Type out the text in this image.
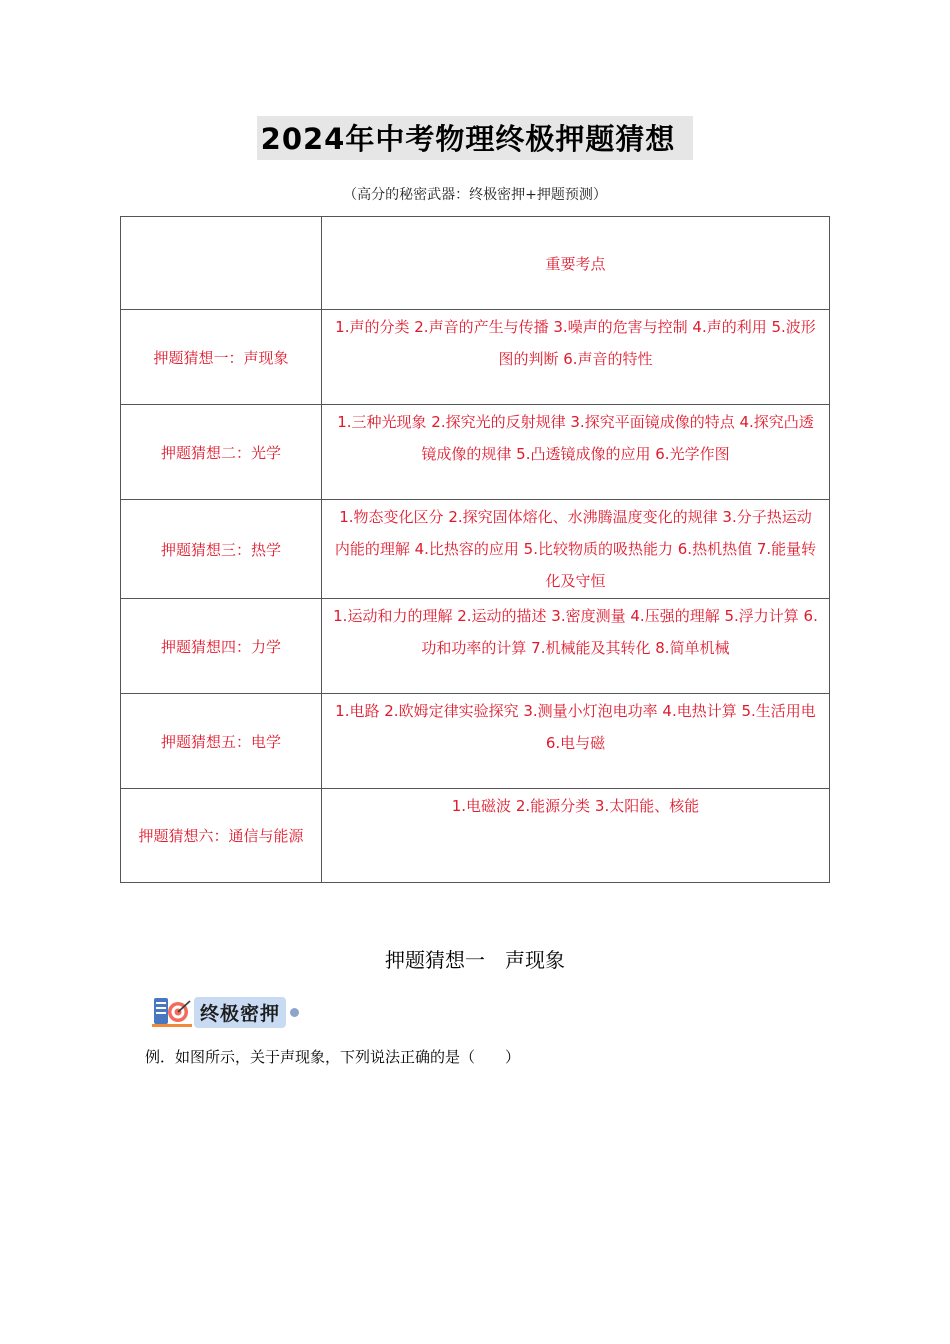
2024年中考物理终极押题猜想
（高分的秘密武器：终极密押+押题预测）
	重要考点
押题猜想一：声现象	1.声的分类 2.声音的产生与传播 3.噪声的危害与控制 4.声的利用 5.波形图的判断 6.声音的特性
押题猜想二：光学	1.三种光现象 2.探究光的反射规律 3.探究平面镜成像的特点 4.探究凸透镜成像的规律 5.凸透镜成像的应用 6.光学作图
押题猜想三：热学	1.物态变化区分 2.探究固体熔化、水沸腾温度变化的规律 3.分子热运动内能的理解 4.比热容的应用 5.比较物质的吸热能力 6.热机热值 7.能量转化及守恒
押题猜想四：力学	1.运动和力的理解 2.运动的描述 3.密度测量 4.压强的理解 5.浮力计算 6.功和功率的计算 7.机械能及其转化 8.简单机械
押题猜想五：电学	1.电路 2.欧姆定律实验探究 3.测量小灯泡电功率 4.电热计算 5.生活用电 6.电与磁
押题猜想六：通信与能源	1.电磁波 2.能源分类 3.太阳能、核能
押题猜想一　声现象
终极密押
例．如图所示，关于声现象，下列说法正确的是（　　）
